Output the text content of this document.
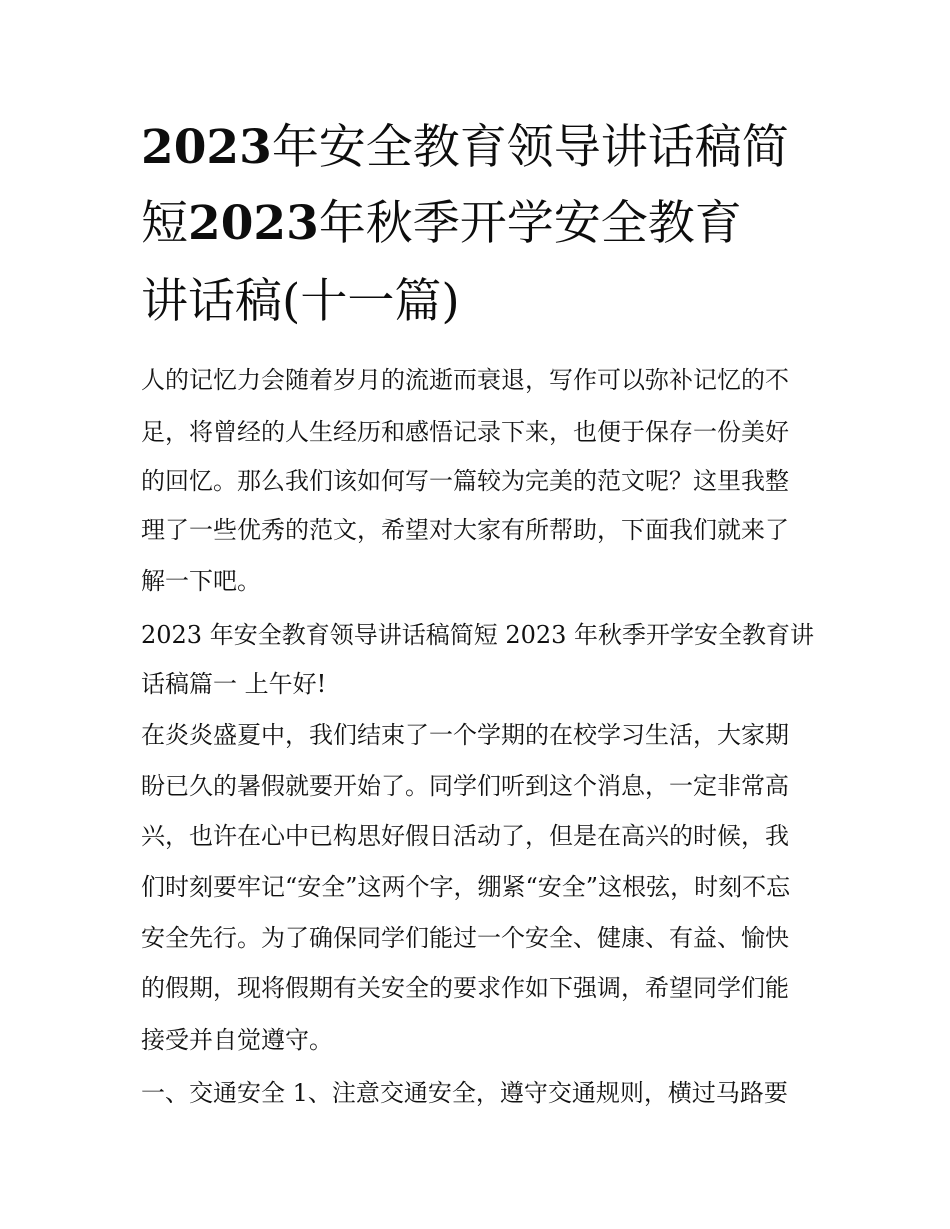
2023年安全教育领导讲话稿简
短2023年秋季开学安全教育
讲话稿(十一篇)
人的记忆力会随着岁月的流逝而衰退，写作可以弥补记忆的不
足，将曾经的人生经历和感悟记录下来，也便于保存一份美好
的回忆。那么我们该如何写一篇较为完美的范文呢？这里我整
理了一些优秀的范文，希望对大家有所帮助，下面我们就来了
解一下吧。
2023 年安全教育领导讲话稿简短 2023 年秋季开学安全教育讲
话稿篇一 上午好!
在炎炎盛夏中，我们结束了一个学期的在校学习生活，大家期
盼已久的暑假就要开始了。同学们听到这个消息，一定非常高
兴，也许在心中已构思好假日活动了，但是在高兴的时候，我
们时刻要牢记“安全”这两个字，绷紧“安全”这根弦，时刻不忘
安全先行。为了确保同学们能过一个安全、健康、有益、愉快
的假期，现将假期有关安全的要求作如下强调，希望同学们能
接受并自觉遵守。
一、交通安全 1、注意交通安全，遵守交通规则，横过马路要
